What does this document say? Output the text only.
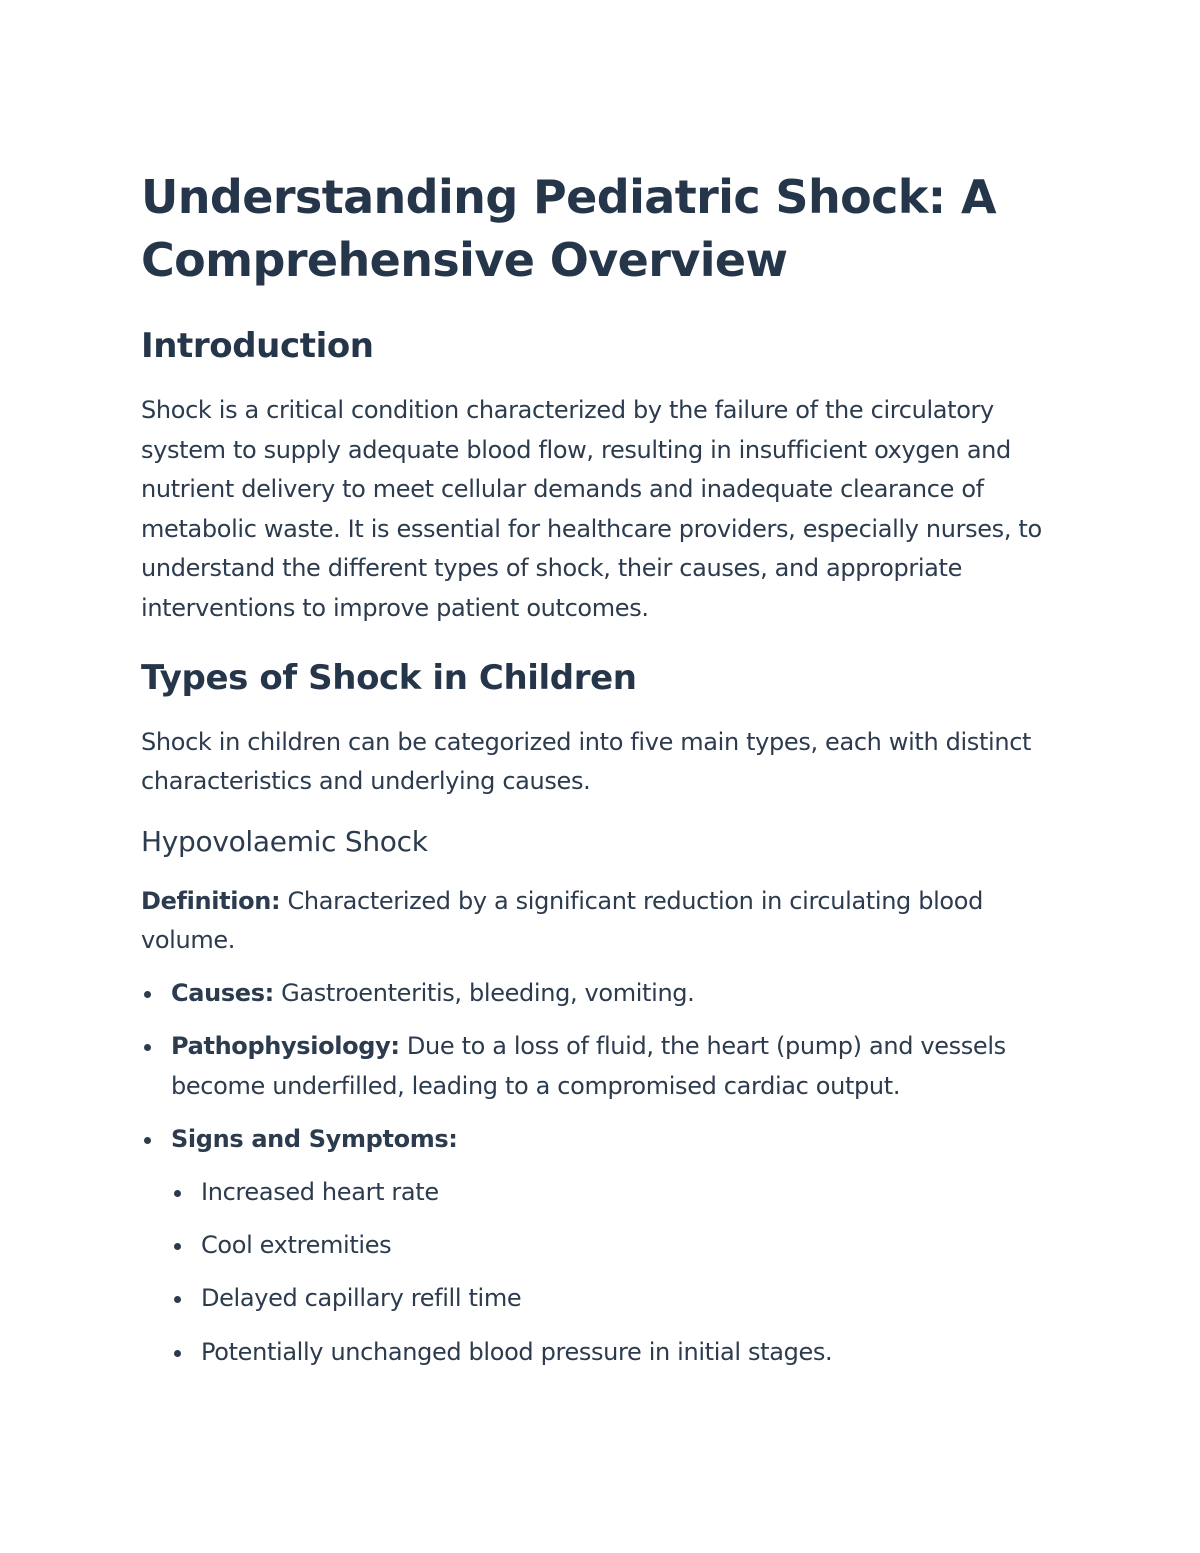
Understanding Pediatric Shock: A Comprehensive Overview
Introduction

Shock is a critical condition characterized by the failure of the circulatory system to supply adequate blood flow, resulting in insufficient oxygen and nutrient delivery to meet cellular demands and inadequate clearance of metabolic waste. It is essential for healthcare providers, especially nurses, to understand the different types of shock, their causes, and appropriate interventions to improve patient outcomes.

Types of Shock in Children

Shock in children can be categorized into five main types, each with distinct characteristics and underlying causes.

Hypovolaemic Shock

Definition: Characterized by a significant reduction in circulating blood volume.

Causes: Gastroenteritis, bleeding, vomiting.
Pathophysiology: Due to a loss of fluid, the heart (pump) and vessels become underfilled, leading to a compromised cardiac output.
Signs and Symptoms:
Increased heart rate
Cool extremities
Delayed capillary refill time
Potentially unchanged blood pressure in initial stages.
